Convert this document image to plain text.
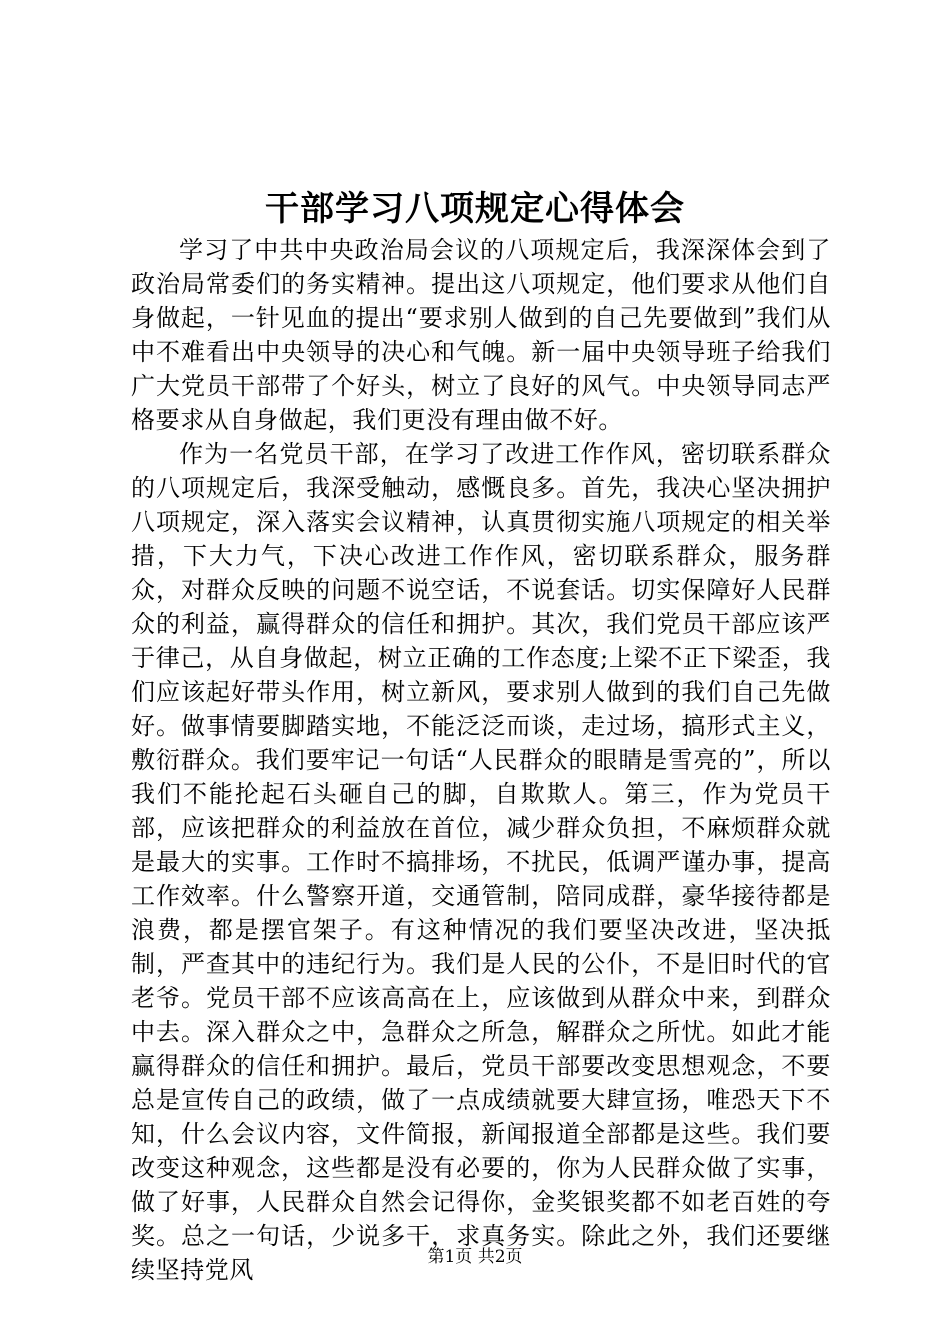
干部学习八项规定心得体会

学习了中共中央政治局会议的八项规定后，我深深体会到了政治局常委们的务实精神。提出这八项规定，他们要求从他们自身做起，一针见血的提出“要求别人做到的自己先要做到”我们从中不难看出中央领导的决心和气魄。新一届中央领导班子给我们广大党员干部带了个好头，树立了良好的风气。中央领导同志严格要求从自身做起，我们更没有理由做不好。

作为一名党员干部，在学习了改进工作作风，密切联系群众的八项规定后，我深受触动，感慨良多。首先，我决心坚决拥护八项规定，深入落实会议精神，认真贯彻实施八项规定的相关举措，下大力气，下决心改进工作作风，密切联系群众，服务群众，对群众反映的问题不说空话，不说套话。切实保障好人民群众的利益，赢得群众的信任和拥护。其次，我们党员干部应该严于律己，从自身做起，树立正确的工作态度;上梁不正下梁歪，我们应该起好带头作用，树立新风，要求别人做到的我们自己先做好。做事情要脚踏实地，不能泛泛而谈，走过场，搞形式主义，敷衍群众。我们要牢记一句话“人民群众的眼睛是雪亮的”，所以我们不能抡起石头砸自己的脚，自欺欺人。第三，作为党员干部，应该把群众的利益放在首位，减少群众负担，不麻烦群众就是最大的实事。工作时不搞排场，不扰民，低调严谨办事，提高工作效率。什么警察开道，交通管制，陪同成群，豪华接待都是浪费，都是摆官架子。有这种情况的我们要坚决改进，坚决抵制，严查其中的违纪行为。我们是人民的公仆，不是旧时代的官老爷。党员干部不应该高高在上，应该做到从群众中来，到群众中去。深入群众之中，急群众之所急，解群众之所忧。如此才能赢得群众的信任和拥护。最后，党员干部要改变思想观念，不要总是宣传自己的政绩，做了一点成绩就要大肆宣扬，唯恐天下不知，什么会议内容，文件简报，新闻报道全部都是这些。我们要改变这种观念，这些都是没有必要的，你为人民群众做了实事，做了好事，人民群众自然会记得你，金奖银奖都不如老百姓的夸奖。总之一句话，少说多干，求真务实。除此之外，我们还要继续坚持党风	第1页 共2页
